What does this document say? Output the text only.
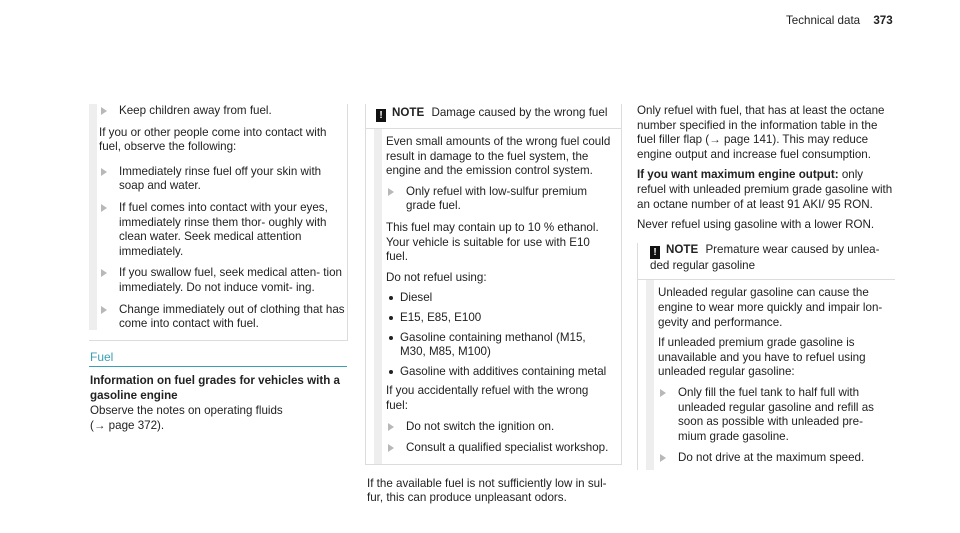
Technical data 373
Keep children away from fuel.
If you or other people come into contact with fuel, observe the following:
Immediately rinse fuel off your skin with soap and water.
If fuel comes into contact with your eyes, immediately rinse them thor- oughly with clean water. Seek medical attention immediately.
If you swallow fuel, seek medical atten- tion immediately. Do not induce vomit- ing.
Change immediately out of clothing that has come into contact with fuel.
Fuel
Information on fuel grades for vehicles with a gasoline engine
Observe the notes on operating fluids
(→ page 372).
! NOTE Damage caused by the wrong fuel
Even small amounts of the wrong fuel could result in damage to the fuel system, the engine and the emission control system.
Only refuel with low-sulfur premium grade fuel.
This fuel may contain up to 10 % ethanol. Your vehicle is suitable for use with E10 fuel.
Do not refuel using:
Diesel
E15, E85, E100
Gasoline containing methanol (M15, M30, M85, M100)
Gasoline with additives containing metal
If you accidentally refuel with the wrong fuel:
Do not switch the ignition on.
Consult a qualified specialist workshop.
If the available fuel is not sufficiently low in sul- fur, this can produce unpleasant odors.
Only refuel with fuel, that has at least the octane number specified in the information table in the fuel filler flap (→ page 141). This may reduce engine output and increase fuel consumption.
If you want maximum engine output: only refuel with unleaded premium grade gasoline with an octane number of at least 91 AKI/ 95 RON.
Never refuel using gasoline with a lower RON.
! NOTE Premature wear caused by unlea- ded regular gasoline
Unleaded regular gasoline can cause the engine to wear more quickly and impair lon- gevity and performance.
If unleaded premium grade gasoline is unavailable and you have to refuel using unleaded regular gasoline:
Only fill the fuel tank to half full with unleaded regular gasoline and refill as soon as possible with unleaded pre- mium grade gasoline.
Do not drive at the maximum speed.
